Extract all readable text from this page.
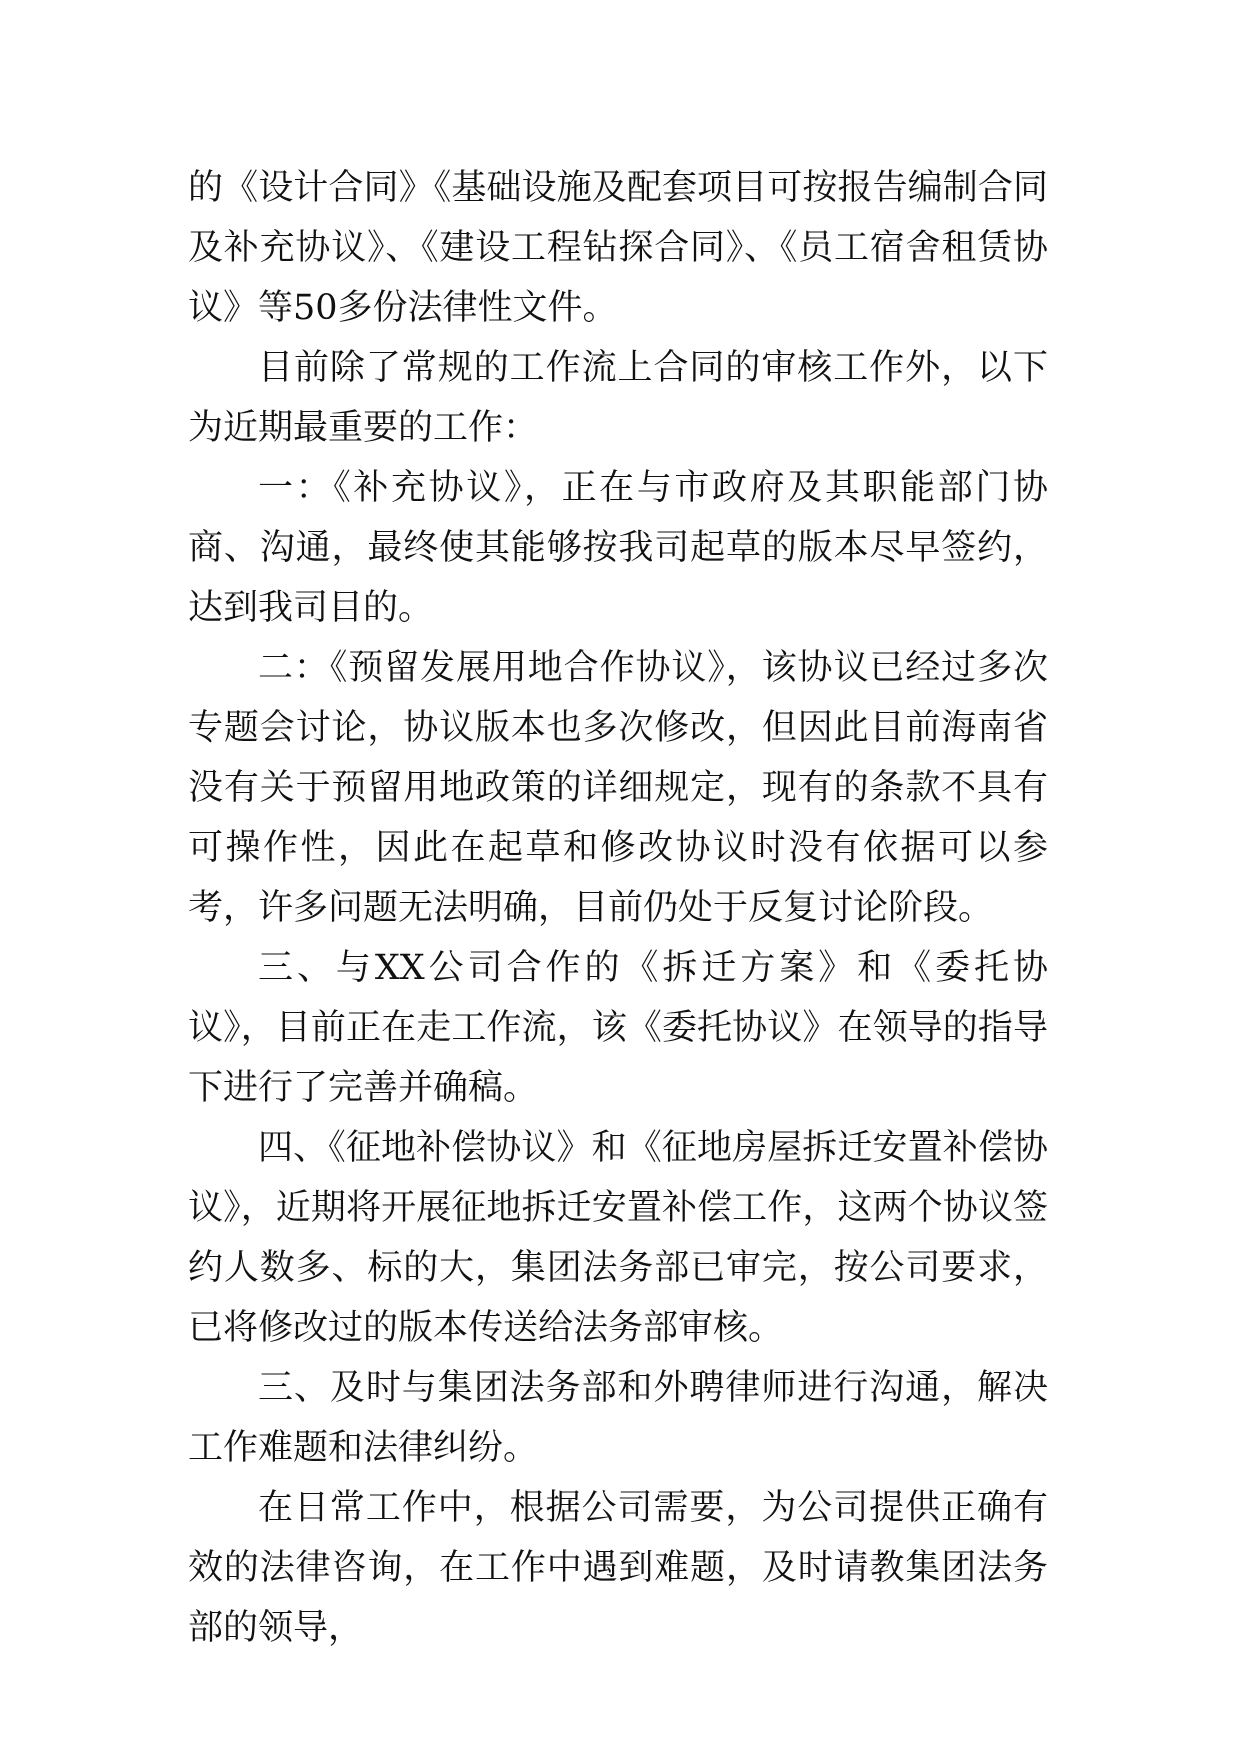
的《设计合同》《基础设施及配套项目可按报告编制合同及补充协议》、《建设工程钻探合同》、《员工宿舍租赁协议》等50多份法律性文件。

目前除了常规的工作流上合同的审核工作外，以下为近期最重要的工作：

一：《补充协议》，正在与市政府及其职能部门协商、沟通，最终使其能够按我司起草的版本尽早签约，达到我司目的。

二：《预留发展用地合作协议》，该协议已经过多次专题会讨论，协议版本也多次修改，但因此目前海南省没有关于预留用地政策的详细规定，现有的条款不具有可操作性，因此在起草和修改协议时没有依据可以参考，许多问题无法明确，目前仍处于反复讨论阶段。

三、与XX公司合作的《拆迁方案》和《委托协议》，目前正在走工作流，该《委托协议》在领导的指导下进行了完善并确稿。

四、《征地补偿协议》和《征地房屋拆迁安置补偿协议》，近期将开展征地拆迁安置补偿工作，这两个协议签约人数多、标的大，集团法务部已审完，按公司要求，已将修改过的版本传送给法务部审核。

三、及时与集团法务部和外聘律师进行沟通，解决工作难题和法律纠纷。

在日常工作中，根据公司需要，为公司提供正确有效的法律咨询，在工作中遇到难题，及时请教集团法务部的领导，
